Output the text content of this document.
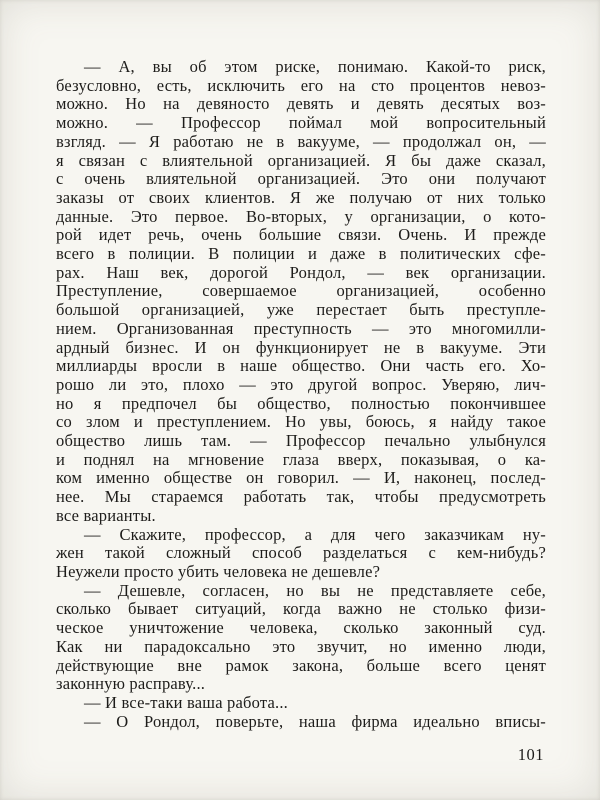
— А, вы об этом риске, понимаю. Какой-то риск,
безусловно, есть, исключить его на сто процентов невоз-
можно. Но на девяносто девять и девять десятых воз-
можно. — Профессор поймал мой вопросительный
взгляд. — Я работаю не в вакууме, — продолжал он, —
я связан с влиятельной организацией. Я бы даже сказал,
с очень влиятельной организацией. Это они получают
заказы от своих клиентов. Я же получаю от них только
данные. Это первое. Во-вторых, у организации, о кото-
рой идет речь, очень большие связи. Очень. И прежде
всего в полиции. В полиции и даже в политических сфе-
рах. Наш век, дорогой Рондол, — век организации.
Преступление, совершаемое организацией, особенно
большой организацией, уже перестает быть преступле-
нием. Организованная преступность — это многомилли-
ардный бизнес. И он функционирует не в вакууме. Эти
миллиарды вросли в наше общество. Они часть его. Хо-
рошо ли это, плохо — это другой вопрос. Уверяю, лич-
но я предпочел бы общество, полностью покончившее
со злом и преступлением. Но увы, боюсь, я найду такое
общество лишь там. — Профессор печально улыбнулся
и поднял на мгновение глаза вверх, показывая, о ка-
ком именно обществе он говорил. — И, наконец, послед-
нее. Мы стараемся работать так, чтобы предусмотреть
все варианты.
— Скажите, профессор, а для чего заказчикам ну-
жен такой сложный способ разделаться с кем-нибудь?
Неужели просто убить человека не дешевле?
— Дешевле, согласен, но вы не представляете себе,
сколько бывает ситуаций, когда важно не столько физи-
ческое уничтожение человека, сколько законный суд.
Как ни парадоксально это звучит, но именно люди,
действующие вне рамок закона, больше всего ценят
законную расправу...
— И все-таки ваша работа...
— О Рондол, поверьте, наша фирма идеально вписы-
101
